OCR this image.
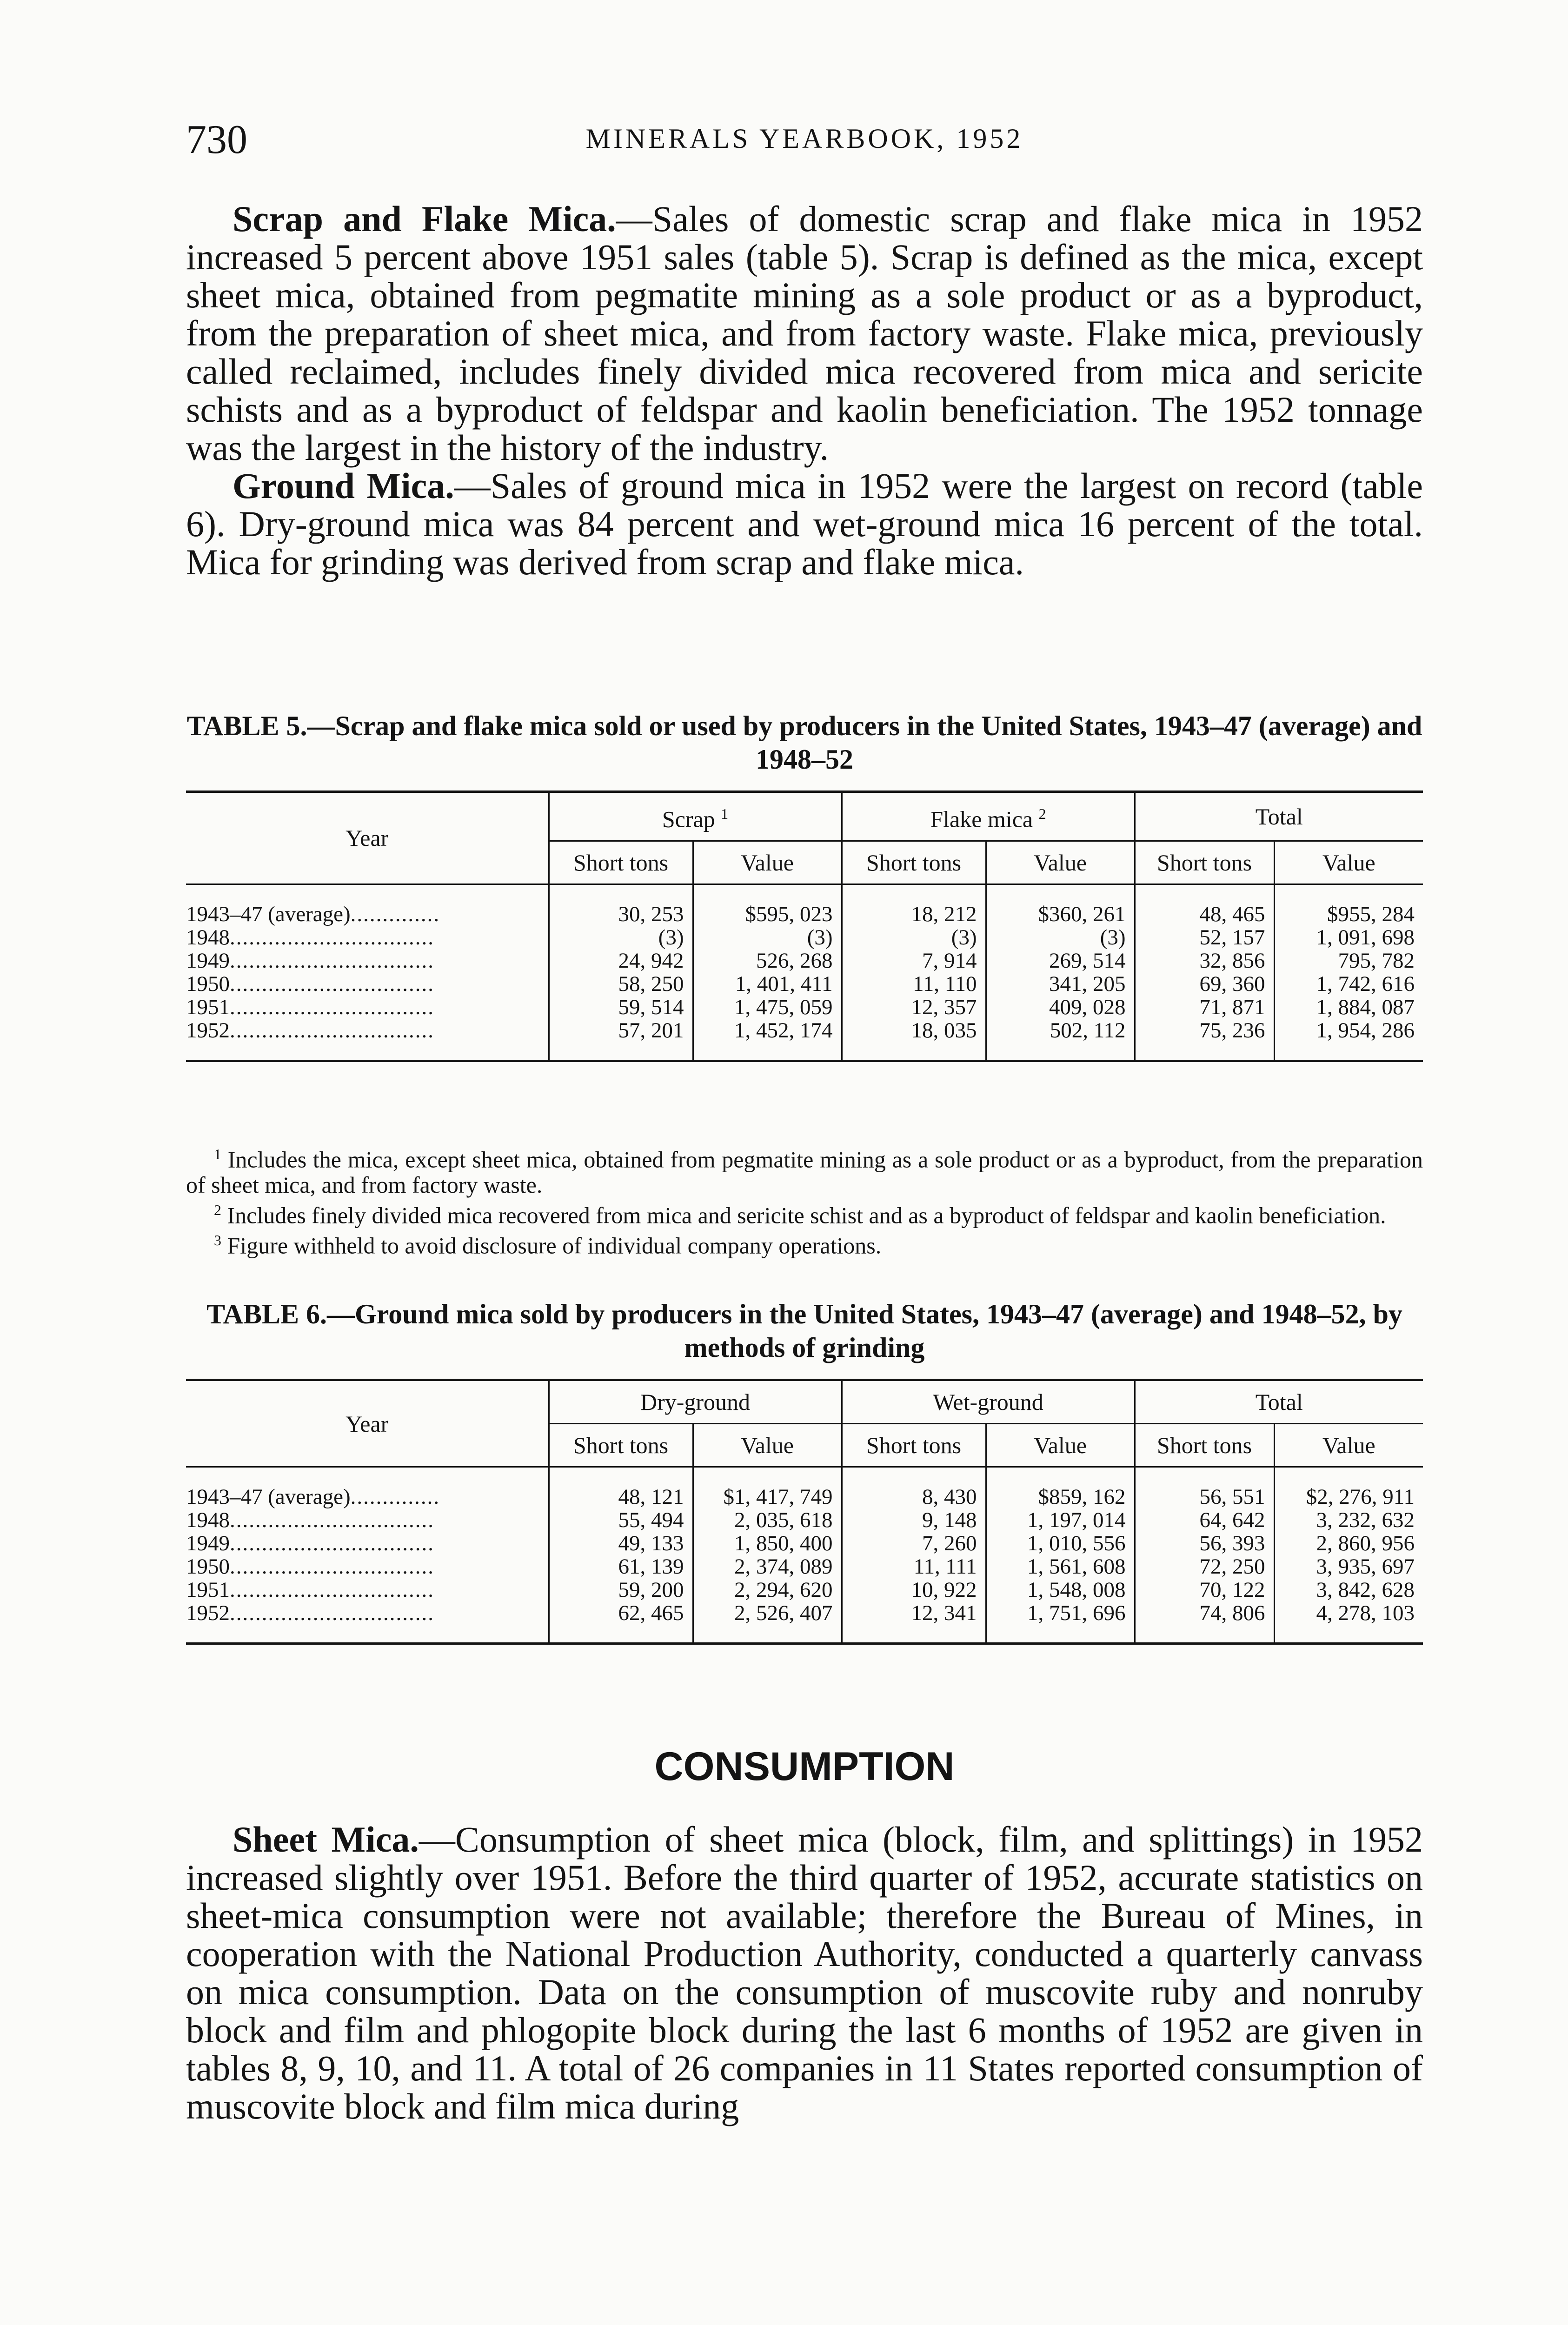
730	MINERALS YEARBOOK, 1952

Scrap and Flake Mica.—Sales of domestic scrap and flake mica in 1952 increased 5 percent above 1951 sales (table 5). Scrap is defined as the mica, except sheet mica, obtained from pegmatite mining as a sole product or as a byproduct, from the preparation of sheet mica, and from factory waste. Flake mica, previously called reclaimed, includes finely divided mica recovered from mica and sericite schists and as a byproduct of feldspar and kaolin beneficiation. The 1952 tonnage was the largest in the history of the industry.

Ground Mica.—Sales of ground mica in 1952 were the largest on record (table 6). Dry-ground mica was 84 percent and wet-ground mica 16 percent of the total. Mica for grinding was derived from scrap and flake mica.

TABLE 5.—Scrap and flake mica sold or used by producers in the United States, 1943–47 (average) and 1948–52
Year	Scrap $^1$		Flake mica $^2$		Total	
	Short tons	Value	Short tons	Value	Short tons	Value
1943–47 (average)..............	30, 253	$595, 023	18, 212	$360, 261	48, 465	$955, 284
1948................................	(3)	(3)	(3)	(3)	52, 157	1, 091, 698
1949................................	24, 942	526, 268	7, 914	269, 514	32, 856	795, 782
1950................................	58, 250	1, 401, 411	11, 110	341, 205	69, 360	1, 742, 616
1951................................	59, 514	1, 475, 059	12, 357	409, 028	71, 871	1, 884, 087
1952................................	57, 201	1, 452, 174	18, 035	502, 112	75, 236	1, 954, 286

$^1$ Includes the mica, except sheet mica, obtained from pegmatite mining as a sole product or as a byproduct, from the preparation of sheet mica, and from factory waste.

$^2$ Includes finely divided mica recovered from mica and sericite schist and as a byproduct of feldspar and kaolin beneficiation.

$^3$ Figure withheld to avoid disclosure of individual company operations.

TABLE 6.—Ground mica sold by producers in the United States, 1943–47 (average) and 1948–52, by methods of grinding
Year	Dry-ground		Wet-ground		Total	
	Short tons	Value	Short tons	Value	Short tons	Value
1943–47 (average)..............	48, 121	$1, 417, 749	8, 430	$859, 162	56, 551	$2, 276, 911
1948................................	55, 494	2, 035, 618	9, 148	1, 197, 014	64, 642	3, 232, 632
1949................................	49, 133	1, 850, 400	7, 260	1, 010, 556	56, 393	2, 860, 956
1950................................	61, 139	2, 374, 089	11, 111	1, 561, 608	72, 250	3, 935, 697
1951................................	59, 200	2, 294, 620	10, 922	1, 548, 008	70, 122	3, 842, 628
1952................................	62, 465	2, 526, 407	12, 341	1, 751, 696	74, 806	4, 278, 103
CONSUMPTION

Sheet Mica.—Consumption of sheet mica (block, film, and splittings) in 1952 increased slightly over 1951. Before the third quarter of 1952, accurate statistics on sheet-mica consumption were not available; therefore the Bureau of Mines, in cooperation with the National Production Authority, conducted a quarterly canvass on mica consumption. Data on the consumption of muscovite ruby and nonruby block and film and phlogopite block during the last 6 months of 1952 are given in tables 8, 9, 10, and 11. A total of 26 companies in 11 States reported consumption of muscovite block and film mica during
